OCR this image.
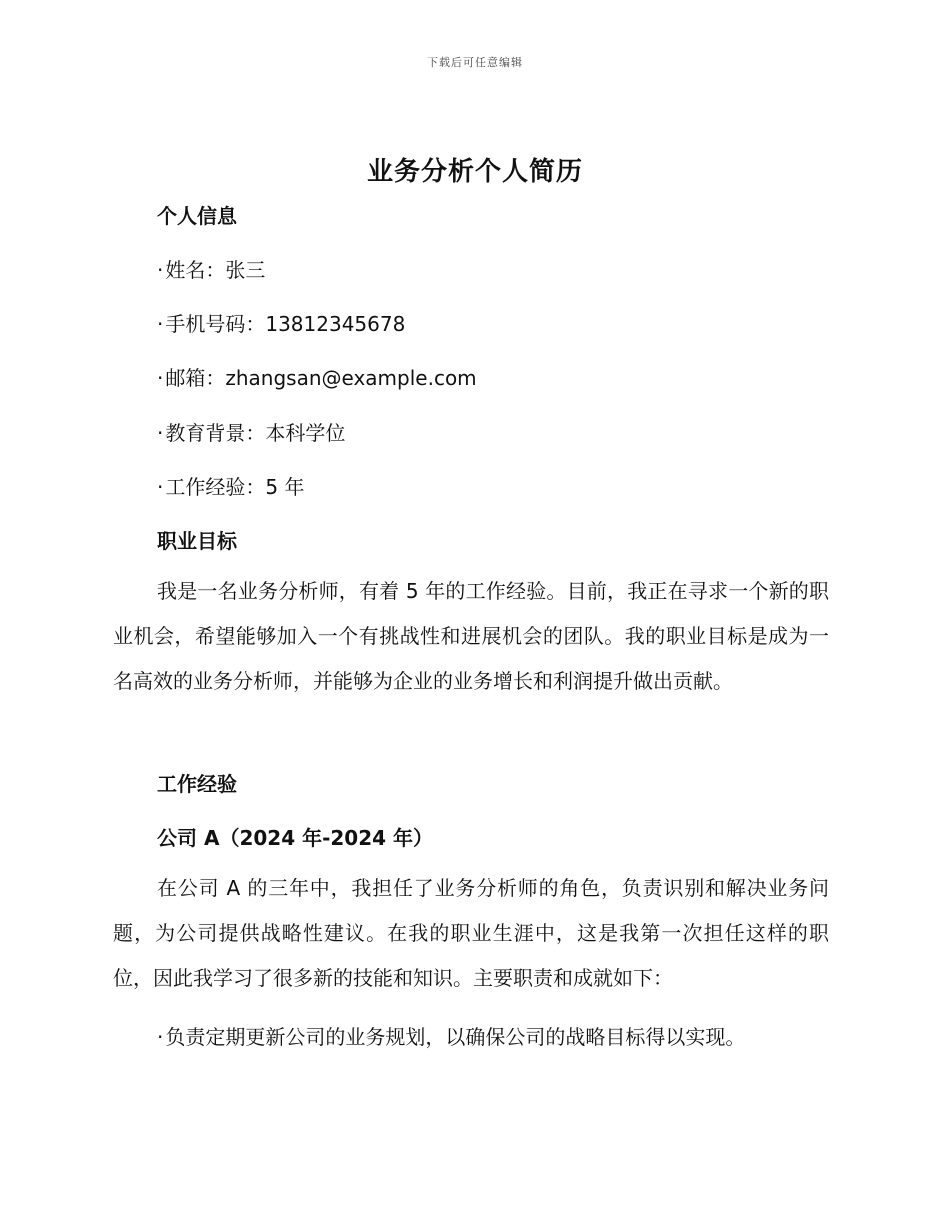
下载后可任意编辑
业务分析个人简历
个人信息
· 姓名：张三
· 手机号码：13812345678
· 邮箱：zhangsan@example.com
· 教育背景：本科学位
· 工作经验：5 年
职业目标
我是一名业务分析师，有着 5 年的工作经验。目前，我正在寻求一个新的职业机会，希望能够加入一个有挑战性和进展机会的团队。我的职业目标是成为一名高效的业务分析师，并能够为企业的业务增长和利润提升做出贡献。
工作经验
公司 A（2024 年-2024 年）
在公司 A 的三年中，我担任了业务分析师的角色，负责识别和解决业务问题，为公司提供战略性建议。在我的职业生涯中，这是我第一次担任这样的职位，因此我学习了很多新的技能和知识。主要职责和成就如下：
· 负责定期更新公司的业务规划，以确保公司的战略目标得以实现。
